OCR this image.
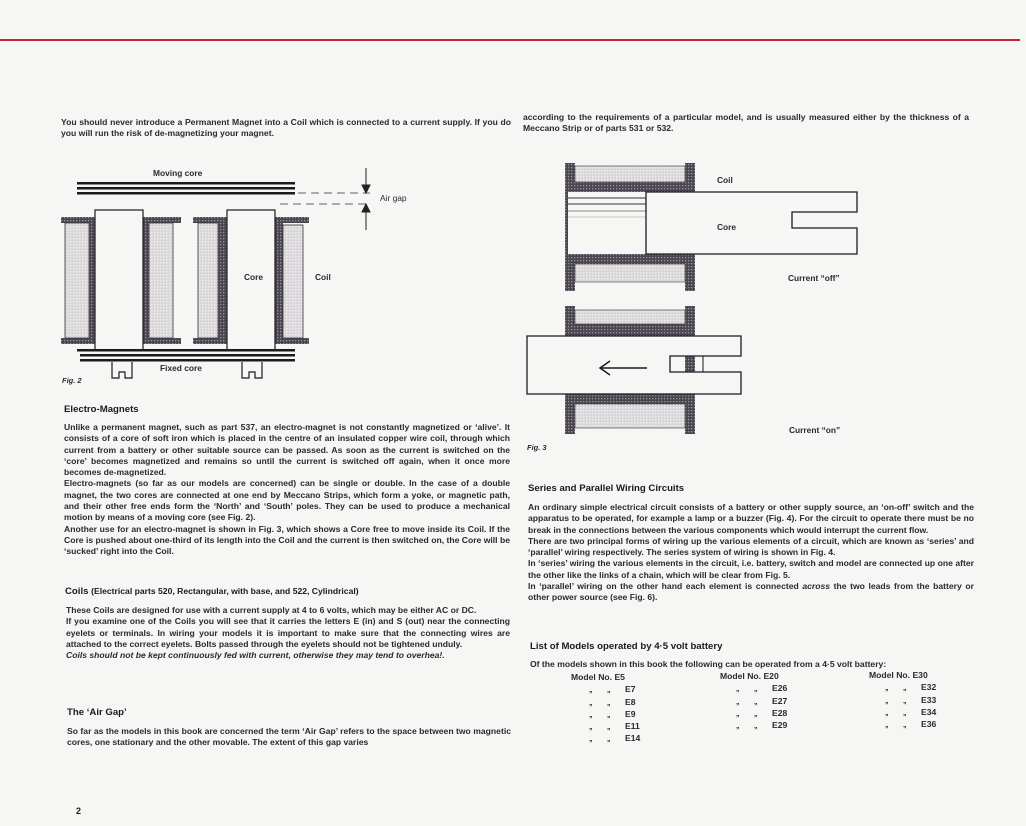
You should never introduce a Permanent Magnet into a Coil which is connected to a current supply. If you do you will run the risk of de-magnetizing your magnet.

Moving core
Air gap
Core	Coil
Fixed core
Fig. 2
Electro-Magnets

Unlike a permanent magnet, such as part 537, an electro-magnet is not constantly magnetized or ‘alive’. It consists of a core of soft iron which is placed in the centre of an insulated copper wire coil, through which current from a battery or other suitable source can be passed. As soon as the current is switched on the ‘core’ becomes magnetized and remains so until the current is switched off again, when it once more becomes de-magnetized.

Electro-magnets (so far as our models are concerned) can be single or double. In the case of a double magnet, the two cores are connected at one end by Meccano Strips, which form a yoke, or magnetic path, and their other free ends form the ‘North’ and ‘South’ poles. They can be used to produce a mechanical motion by means of a moving core (see Fig. 2).

Another use for an electro-magnet is shown in Fig. 3, which shows a Core free to move inside its Coil. If the Core is pushed about one-third of its length into the Coil and the current is then switched on, the Core will be ‘sucked’ right into the Coil.

Coils (Electrical parts 520, Rectangular, with base, and 522, Cylindrical)

These Coils are designed for use with a current supply at 4 to 6 volts, which may be either AC or DC.

If you examine one of the Coils you will see that it carries the letters E (in) and S (out) near the connecting eyelets or terminals. In wiring your models it is important to make sure that the connecting wires are attached to the correct eyelets. Bolts passed through the eyelets should not be tightened unduly.

Coils should not be kept continuously fed with current, otherwise they may tend to overhea!.

The ‘Air Gap’

So far as the models in this book are concerned the term ‘Air Gap’ refers to the space between two magnetic cores, one stationary and the other movable. The extent of this gap varies

according to the requirements of a particular model, and is usually measured either by the thickness of a Meccano Strip or of parts 531 or 532.

Coil
Core
Current “off”
Current “on”
Fig. 3
Series and Parallel Wiring Circuits

An ordinary simple electrical circuit consists of a battery or other supply source, an ‘on-off’ switch and the apparatus to be operated, for example a lamp or a buzzer (Fig. 4). For the circuit to operate there must be no break in the connections between the various components which would interrupt the current flow.

There are two principal forms of wiring up the various elements of a circuit, which are known as ‘series’ and ‘parallel’ wiring respectively. The series system of wiring is shown in Fig. 4.

In ‘series’ wiring the various elements in the circuit, i.e. battery, switch and model are connected up one after the other like the links of a chain, which will be clear from Fig. 5.

In ‘parallel’ wiring on the other hand each element is connected across the two leads from the battery or other power source (see Fig. 6).

List of Models operated by 4·5 volt battery
Of the models shown in this book the following can be operated from a 4·5 volt battery:
Model No. E5
„ „ E7
„ „ E8
„ „ E9
„ „ E11
„ „ E14
Model No. E20
„ „ E26
„ „ E27
„ „ E28
„ „ E29
Model No. E30
„ „ E32
„ „ E33
„ „ E34
„ „ E36
2
